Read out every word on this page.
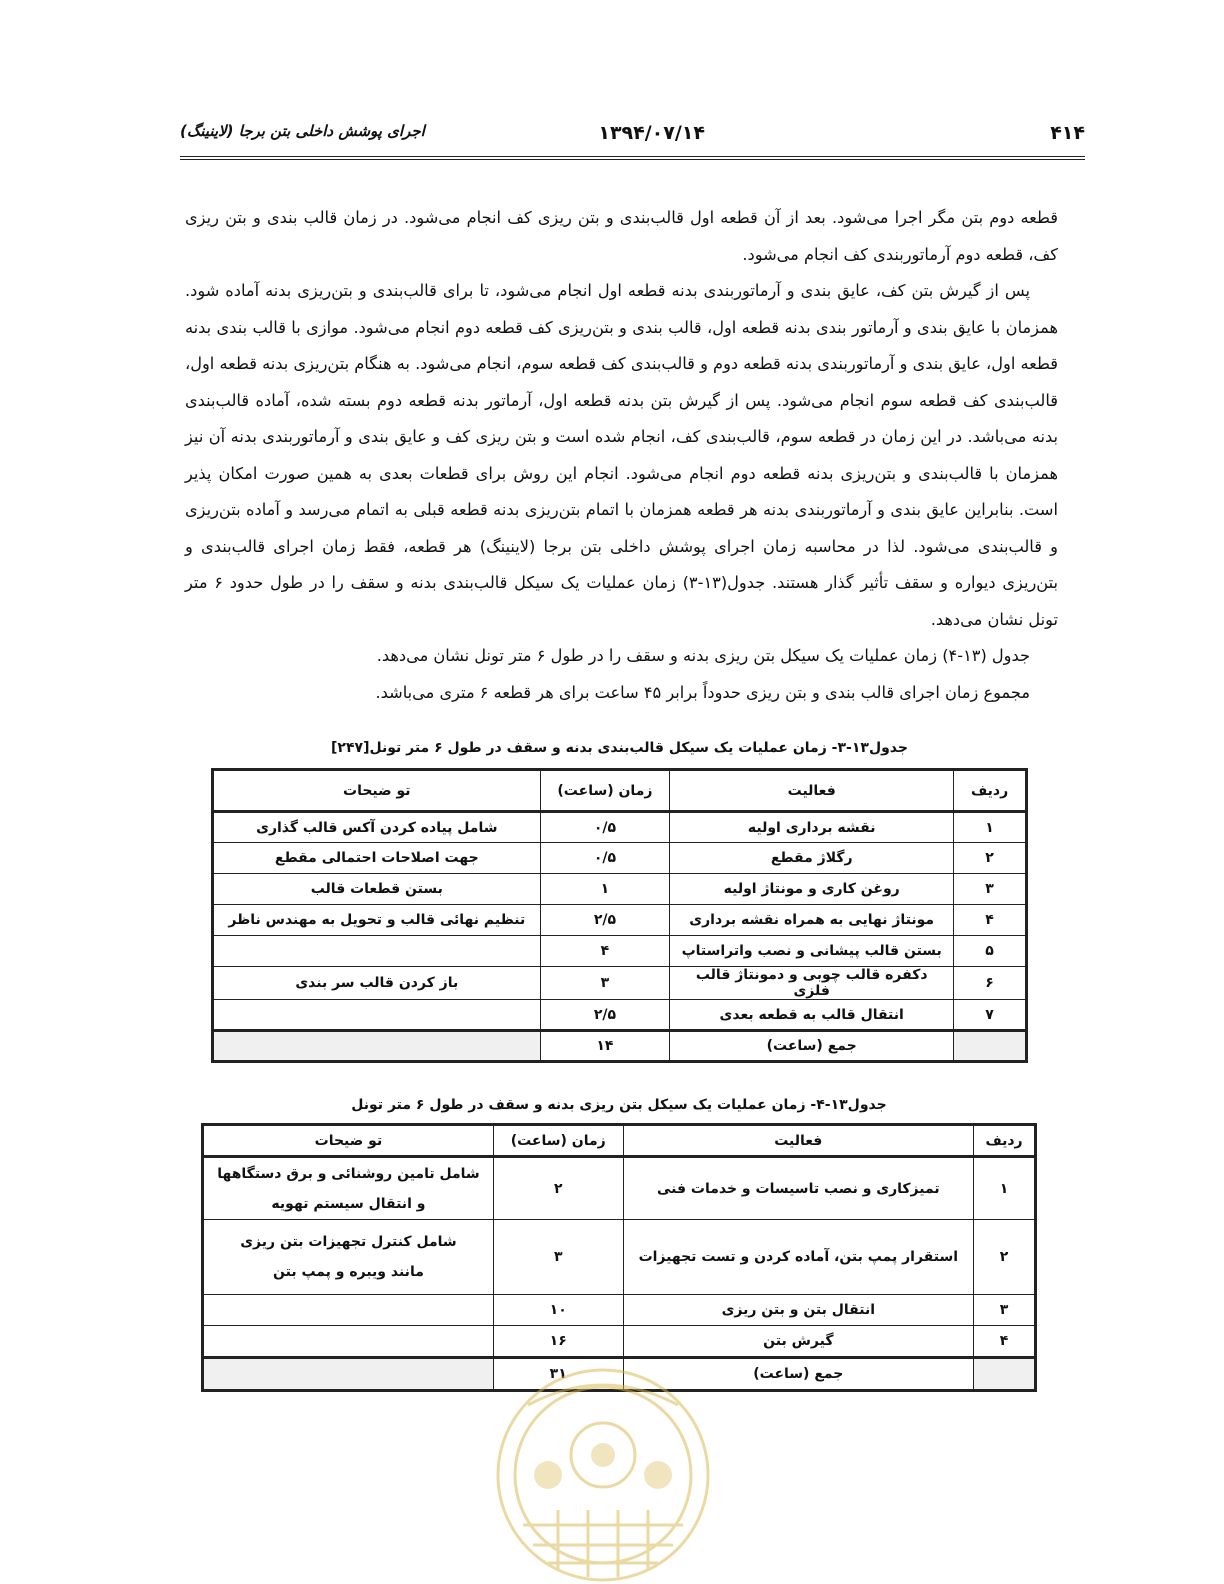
۴۱۴
۱۳۹۴/۰۷/۱۴
اجرای پوشش داخلی بتن برجا (لاینینگ)

قطعه دوم بتن مگر اجرا می‌شود. بعد از آن قطعه اول قالب‌بندی و بتن ریزی کف انجام می‌شود. در زمان قالب بندی و بتن ریزی کف، قطعه دوم آرماتوربندی کف انجام می‌شود.

پس از گیرش بتن کف، عایق بندی و آرماتوربندی بدنه قطعه اول انجام می‌شود، تا برای قالب‌بندی و بتن‌ریزی بدنه آماده شود. همزمان با عایق بندی و آرماتور بندی بدنه قطعه اول، قالب بندی و بتن‌ریزی کف قطعه دوم انجام می‌شود. موازی با قالب بندی بدنه قطعه اول، عایق بندی و آرماتوربندی بدنه قطعه دوم و قالب‌بندی کف قطعه سوم، انجام می‌شود. به هنگام بتن‌ریزی بدنه قطعه اول، قالب‌بندی کف قطعه سوم انجام می‌شود. پس از گیرش بتن بدنه قطعه اول، آرماتور بدنه قطعه دوم بسته شده، آماده قالب‌بندی بدنه می‌باشد. در این زمان در قطعه سوم، قالب‌بندی کف، انجام شده است و بتن ریزی کف و عایق بندی و آرماتوربندی بدنه آن نیز همزمان با قالب‌بندی و بتن‌ریزی بدنه قطعه دوم انجام می‌شود. انجام این روش برای قطعات بعدی به همین صورت امکان پذیر است. بنابراین عایق بندی و آرماتوربندی بدنه هر قطعه همزمان با اتمام بتن‌ریزی بدنه قطعه قبلی به اتمام می‌رسد و آماده بتن‌ریزی و قالب‌بندی می‌شود. لذا در محاسبه زمان اجرای پوشش داخلی بتن برجا (لاینینگ) هر قطعه، فقط زمان اجرای قالب‌بندی و بتن‌ریزی دیواره و سقف تأثیر گذار هستند. جدول(۱۳-۳) زمان عملیات یک سیکل قالب‌بندی بدنه و سقف را در طول حدود ۶ متر تونل نشان می‌دهد.

جدول (۱۳-۴) زمان عملیات یک سیکل بتن ریزی بدنه و سقف را در طول ۶ متر تونل نشان می‌دهد.

مجموع زمان اجرای قالب بندی و بتن ریزی حدوداً برابر ۴۵ ساعت برای هر قطعه ۶ متری می‌باشد.

جدول۱۳-۳- زمان عملیات یک سیکل قالب‌بندی بدنه و سقف در طول ۶ متر تونل[۲۴۷]
ردیف	فعالیت	زمان (ساعت)	تو ضیحات
۱	نقشه برداری اولیه	۰/۵	شامل پیاده کردن آکس قالب گذاری
۲	رگلاژ مقطع	۰/۵	جهت اصلاحات احتمالی مقطع
۳	روغن کاری و مونتاژ اولیه	۱	بستن قطعات قالب
۴	مونتاژ نهایی به همراه نقشه برداری	۲/۵	تنظیم نهائی قالب و تحویل به مهندس ناظر
۵	بستن قالب پیشانی و نصب واتراستاپ	۴	
۶	دکفره قالب چوبی و دمونتاژ قالب فلزی	۳	باز کردن قالب سر بندی
۷	انتقال قالب به قطعه بعدی	۲/۵	
	جمع (ساعت)	۱۴	
جدول۱۳-۴- زمان عملیات یک سیکل بتن ریزی بدنه و سقف در طول ۶ متر تونل
ردیف	فعالیت	زمان (ساعت)	تو ضیحات
۱	تمیزکاری و نصب تاسیسات و خدمات فنی	۲	شامل تامین روشنائی و برق دستگاهها
و انتقال سیستم تهویه

۲	استقرار پمپ بتن، آماده کردن و تست تجهیزات	۳	شامل کنترل تجهیزات بتن ریزی
مانند ویبره و پمپ بتن

۳	انتقال بتن و بتن ریزی	۱۰	
۴	گیرش بتن	۱۶	
	جمع (ساعت)	۳۱	
